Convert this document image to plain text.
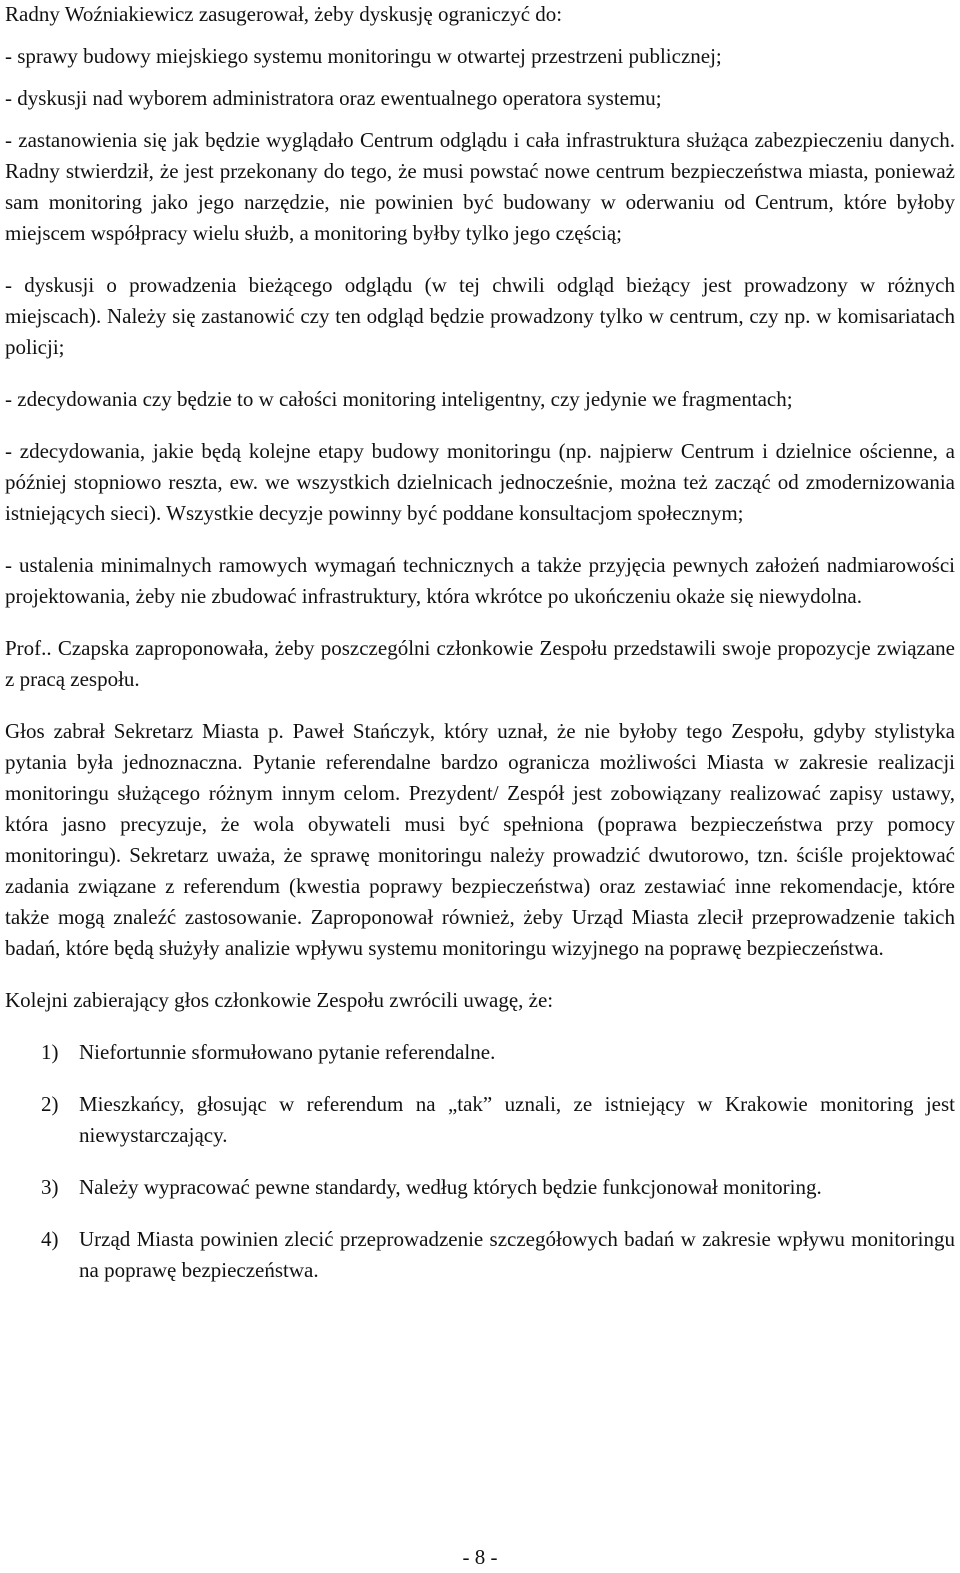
Radny Woźniakiewicz zasugerował, żeby dyskusję ograniczyć do:

- sprawy budowy miejskiego systemu monitoringu w otwartej przestrzeni publicznej;

- dyskusji nad wyborem administratora oraz ewentualnego operatora systemu;

- zastanowienia się jak będzie wyglądało Centrum odglądu i cała infrastruktura służąca zabezpieczeniu danych. Radny stwierdził, że jest przekonany do tego, że musi powstać nowe centrum bezpieczeństwa miasta, ponieważ sam monitoring jako jego narzędzie, nie powinien być budowany w oderwaniu od Centrum, które byłoby miejscem współpracy wielu służb, a monitoring byłby tylko jego częścią;

- dyskusji o prowadzenia bieżącego odglądu (w tej chwili odgląd bieżący jest prowadzony w różnych miejscach). Należy się zastanowić czy ten odgląd będzie prowadzony tylko w centrum, czy np. w komisariatach policji;

- zdecydowania czy będzie to w całości monitoring inteligentny, czy jedynie we fragmentach;

- zdecydowania, jakie będą kolejne etapy budowy monitoringu (np. najpierw Centrum i dzielnice ościenne, a później stopniowo reszta, ew. we wszystkich dzielnicach jednocześnie, można też zacząć od zmodernizowania istniejących sieci). Wszystkie decyzje powinny być poddane konsultacjom społecznym;

- ustalenia minimalnych ramowych wymagań technicznych a także przyjęcia pewnych założeń nadmiarowości projektowania, żeby nie zbudować infrastruktury, która wkrótce po ukończeniu okaże się niewydolna.

Prof.. Czapska zaproponowała, żeby poszczególni członkowie Zespołu przedstawili swoje propozycje związane z pracą zespołu.

Głos zabrał Sekretarz Miasta p. Paweł Stańczyk, który uznał, że nie byłoby tego Zespołu, gdyby stylistyka pytania była jednoznaczna. Pytanie referendalne bardzo ogranicza możliwości Miasta w zakresie realizacji monitoringu służącego różnym innym celom. Prezydent/ Zespół jest zobowiązany realizować zapisy ustawy, która jasno precyzuje, że wola obywateli musi być spełniona (poprawa bezpieczeństwa przy pomocy monitoringu). Sekretarz uważa, że sprawę monitoringu należy prowadzić dwutorowo, tzn. ściśle projektować zadania związane z referendum (kwestia poprawy bezpieczeństwa) oraz zestawiać inne rekomendacje, które także mogą znaleźć zastosowanie. Zaproponował również, żeby Urząd Miasta zlecił przeprowadzenie takich badań, które będą służyły analizie wpływu systemu monitoringu wizyjnego na poprawę bezpieczeństwa.

Kolejni zabierający głos członkowie Zespołu zwrócili uwagę, że:

1) Niefortunnie sformułowano pytanie referendalne.
2) Mieszkańcy, głosując w referendum na „tak” uznali, ze istniejący w Krakowie monitoring jest niewystarczający.
3) Należy wypracować pewne standardy, według których będzie funkcjonował monitoring.
4) Urząd Miasta powinien zlecić przeprowadzenie szczegółowych badań w zakresie wpływu monitoringu na poprawę bezpieczeństwa.
- 8 -
